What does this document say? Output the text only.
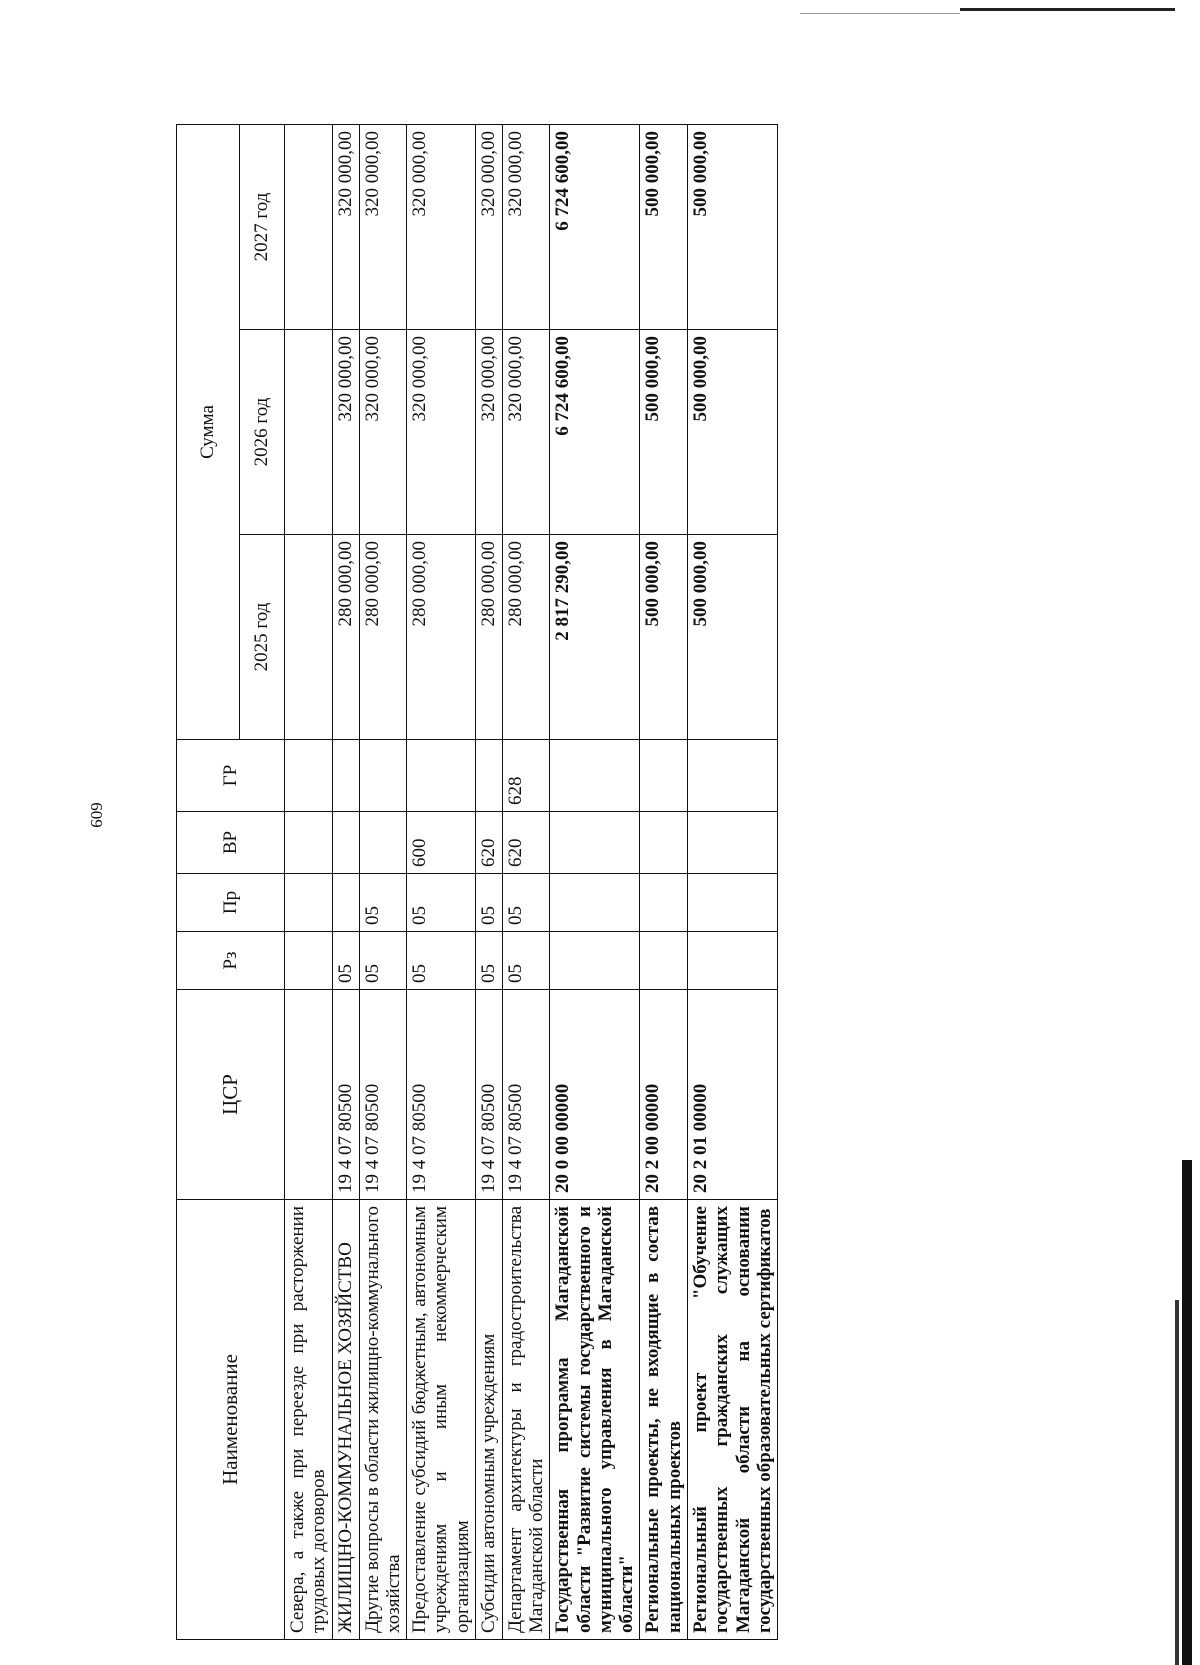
609
Наименование	ЦСР	Рз	Пр	ВР	ГР	Сумма		
						2025 год	2026 год	2027 год
Севера, а также при переезде при расторжении трудовых договоров								
ЖИЛИЩНО-КОММУНАЛЬНОЕ ХОЗЯЙСТВО	19 4 07 80500	05				280 000,00	320 000,00	320 000,00
Другие вопросы в области жилищно-коммунального хозяйства	19 4 07 80500	05	05			280 000,00	320 000,00	320 000,00
Предоставление субсидий бюджетным, автономным учреждениям и иным некоммерческим организациям	19 4 07 80500	05	05	600		280 000,00	320 000,00	320 000,00
Субсидии автономным учреждениям	19 4 07 80500	05	05	620		280 000,00	320 000,00	320 000,00
Департамент архитектуры и градостроительства Магаданской области	19 4 07 80500	05	05	620	628	280 000,00	320 000,00	320 000,00
Государственная программа Магаданской области "Развитие системы государственного и муниципального управления в Магаданской области"	20 0 00 00000					2 817 290,00	6 724 600,00	6 724 600,00
Региональные проекты, не входящие в состав национальных проектов	20 2 00 00000					500 000,00	500 000,00	500 000,00
Региональный проект "Обучение государственных гражданских служащих Магаданской области на основании государственных образовательных сертификатов	20 2 01 00000					500 000,00	500 000,00	500 000,00
